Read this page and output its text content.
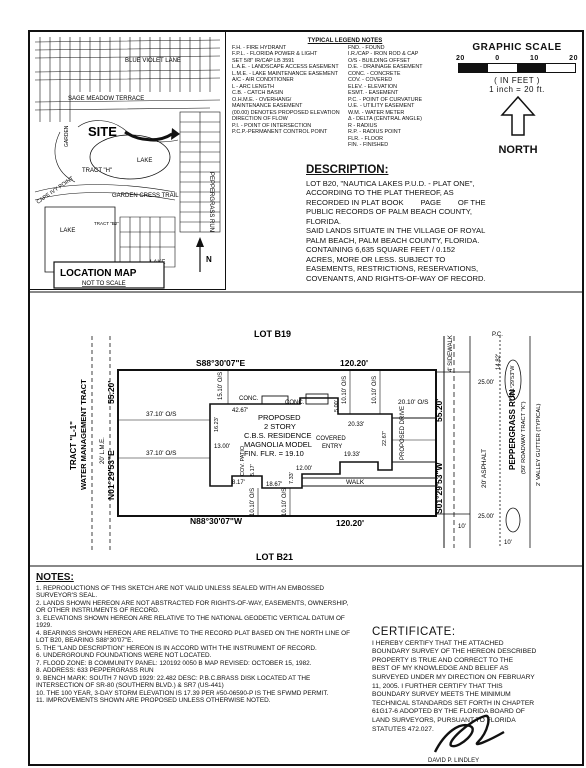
BLUE VIOLET LANE
SAGE MEADOW TERRACE
GARDEN CRESS TRAIL
CAPE IVY POINT	PEPPERGRASS RUN
GARDEN SITE
TRACT "H"
LAKE
LAKE
TRACT "B2"
N
LOCATION MAP
NOT TO SCALE
TYPICAL LEGEND NOTES
F.H. - FIRE HYDRANT
F.P.L. - FLORIDA POWER & LIGHT
SET 5/8" IR/CAP LB 3591
L.A.E. - LANDSCAPE ACCESS EASEMENT
L.M.E. - LAKE MAINTENANCE EASEMENT
A/C - AIR CONDITIONER
L - ARC LENGTH
C.B. - CATCH BASIN
O.H.M.E. - OVERHANG/
MAINTENANCE EASEMENT
(00.00) DENOTES PROPOSED ELEVATION
DIRECTION OF FLOW
P.I. - POINT OF INTERSECTION
P.C.P.-PERMANENT CONTROL POINT
FND. - FOUND
I.R./CAP - IRON ROD & CAP
O/S - BUILDING OFFSET
D.E. - DRAINAGE EASEMENT
CONC. - CONCRETE
COV. - COVERED
ELEV. - ELEVATION
ESMT. - EASEMENT
P.C. - POINT OF CURVATURE
U.E. - UTILITY EASEMENT
W.M. - WATER METER
Δ - DELTA (CENTRAL ANGLE)
R - RADIUS
R.P. - RADIUS POINT
FLR. - FLOOR
FIN. - FINISHED
GRAPHIC SCALE
20	0	10	20
( IN FEET )
1 inch = 20 ft.
NORTH
DESCRIPTION:

LOT B20, "NAUTICA LAKES P.U.D. - PLAT ONE",

ACCORDING TO THE PLAT THEREOF, AS

RECORDED IN PLAT BOOK        PAGE        OF THE

PUBLIC RECORDS OF PALM BEACH COUNTY,

FLORIDA.

SAID LANDS SITUATE IN THE VILLAGE OF ROYAL

PALM BEACH, PALM BEACH COUNTY, FLORIDA.

CONTAINING 6,635 SQUARE FEET / 0.152

ACRES, MORE OR LESS. SUBJECT TO

EASEMENTS, RESTRICTIONS, RESERVATIONS,

COVENANTS, AND RIGHTS-OF-WAY OF RECORD.

LOT B19
LOT B21
S88°30'07"E	120.20'
N88°30'07"W	120.20'
N01°29'53"E
55.20'
S01°29'53"W
55.20'
TRACT "L-1" WATER MANAGEMENT TRACT 20' L.M.E.
37.10' O/S
37.10' O/S
15.10' O/S	10.10' O/S	10.10' O/S	20.10' O/S
10.10' O/S	10.10' O/S
CONC.
CONC.
PROPOSED
2 STORY
C.B.S. RESIDENCE
MAGNOLIA MODEL
FIN. FLR. = 19.10
42.67'
16.23'
5.00'
20.33'
22.67'
19.33'
13.00'
12.00'
8.17'	18.67'
7.33'
5.17'
COVERED
ENTRY
COV. PATIO
WALK
PROPOSED DRIVE
4' SIDEWALK
20' ASPHALT	PEPPERGRASS RUN (50' ROADWAY TRACT "K") 2' VALLEY GUTTER (TYPICAL)
P.C.
14.82'
S01°29'53"W
25.00'
25.00'
10'
10'
NOTES:

1. REPRODUCTIONS OF THIS SKETCH ARE NOT VALID UNLESS SEALED WITH AN EMBOSSED SURVEYOR'S SEAL.

2. LANDS SHOWN HEREON ARE NOT ABSTRACTED FOR RIGHTS-OF-WAY, EASEMENTS, OWNERSHIP, OR OTHER INSTRUMENTS OF RECORD.

3. ELEVATIONS SHOWN HEREON ARE RELATIVE TO THE NATIONAL GEODETIC VERTICAL DATUM OF 1929.

4. BEARINGS SHOWN HEREON ARE RELATIVE TO THE RECORD PLAT BASED ON THE NORTH LINE OF LOT B20, BEARING S88°30'07"E.

5. THE "LAND DESCRIPTION" HEREON IS IN ACCORD WITH THE INSTRUMENT OF RECORD.

6. UNDERGROUND FOUNDATIONS WERE NOT LOCATED.

7. FLOOD ZONE: B COMMUNITY PANEL: 120192 0050 B MAP REVISED: OCTOBER 15, 1982.

8. ADDRESS: 633 PEPPERGRASS RUN

9. BENCH MARK: SOUTH 7 NGVD 1929: 22.482 DESC: P.B.C.BRASS DISK LOCATED AT THE INTERSECTION OF SR-80 (SOUTHERN BLVD.) & SR7 (US-441)

10. THE 100 YEAR, 3-DAY STORM ELEVATION IS 17.39 PER #50-06590-P IS THE SFWMD PERMIT.

11. IMPROVEMENTS SHOWN ARE PROPOSED UNLESS OTHERWISE NOTED.

CERTIFICATE:
I HEREBY CERTIFY THAT THE ATTACHED
BOUNDARY SURVEY OF THE HEREON DESCRIBED
PROPERTY IS TRUE AND CORRECT TO THE
BEST OF MY KNOWLEDGE AND BELIEF AS
SURVEYED UNDER MY DIRECTION ON FEBRUARY
11, 2005. I FURTHER CERTIFY THAT THIS
BOUNDARY SURVEY MEETS THE MINIMUM
TECHNICAL STANDARDS SET FORTH IN CHAPTER
61G17-6 ADOPTED BY THE FLORIDA BOARD OF
LAND SURVEYORS, PURSUANT TO FLORIDA
STATUTES 472.027.
DAVID P. LINDLEY
